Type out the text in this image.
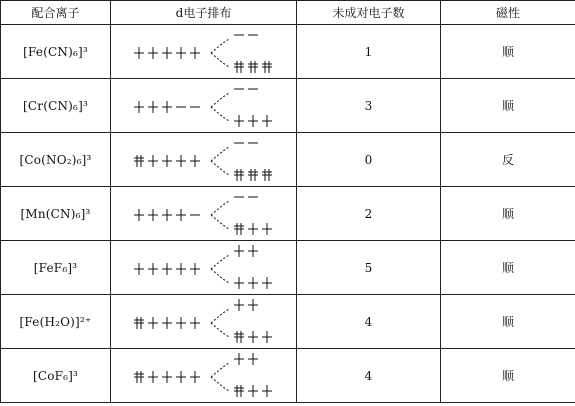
配合离子	d电子排布	未成对电子数	磁性
[Fe(CN)₆]³		1	顺
[Cr(CN)₆]³		3	顺
[Co(NO₂)₆]³		0	反
[Mn(CN)₆]³		2	顺
[FeF₆]³		5	顺
[Fe(H₂O)]²⁺		4	顺
[CoF₆]³		4	顺
